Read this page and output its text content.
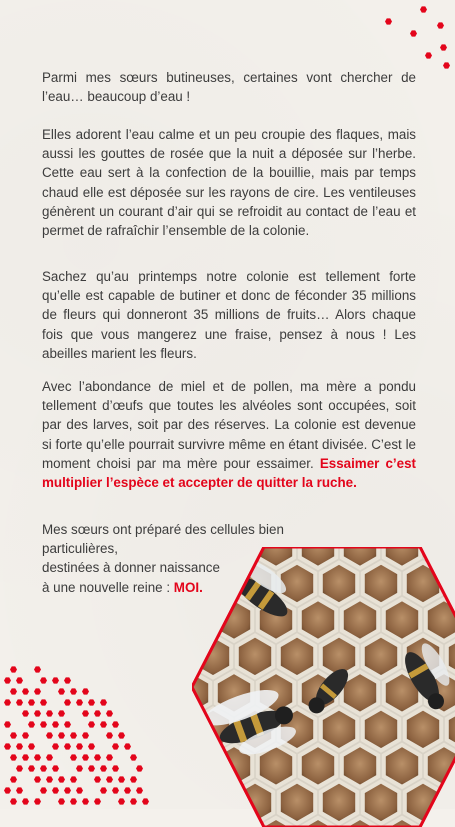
Parmi mes sœurs butineuses, certaines vont chercher de l’eau… beaucoup d’eau !
Elles adorent l’eau calme et un peu croupie des flaques, mais aussi les gouttes de rosée que la nuit a déposée sur l’herbe. Cette eau sert à la confection de la bouillie, mais par temps chaud elle est déposée sur les rayons de cire. Les ventileuses génèrent un courant d’air qui se refroidit au contact de l’eau et permet de rafraîchir l’ensemble de la colonie.
Sachez qu’au printemps notre colonie est tellement forte qu’elle est capable de butiner et donc de féconder 35 millions de fleurs qui donneront 35 millions de fruits… Alors chaque fois que vous mangerez une fraise, pensez à nous ! Les abeilles marient les fleurs.
Avec l’abondance de miel et de pollen, ma mère a pondu tellement d’œufs que toutes les alvéoles sont occupées, soit par des larves, soit par des réserves. La colonie est devenue si forte qu’elle pourrait survivre même en étant divisée. C’est le moment choisi par ma mère pour essaimer. Essaimer c’est multiplier l’espèce et accepter de quitter la ruche.
Mes sœurs ont préparé des cellules bien particulières,
destinées à donner naissance
à une nouvelle reine : MOI.
